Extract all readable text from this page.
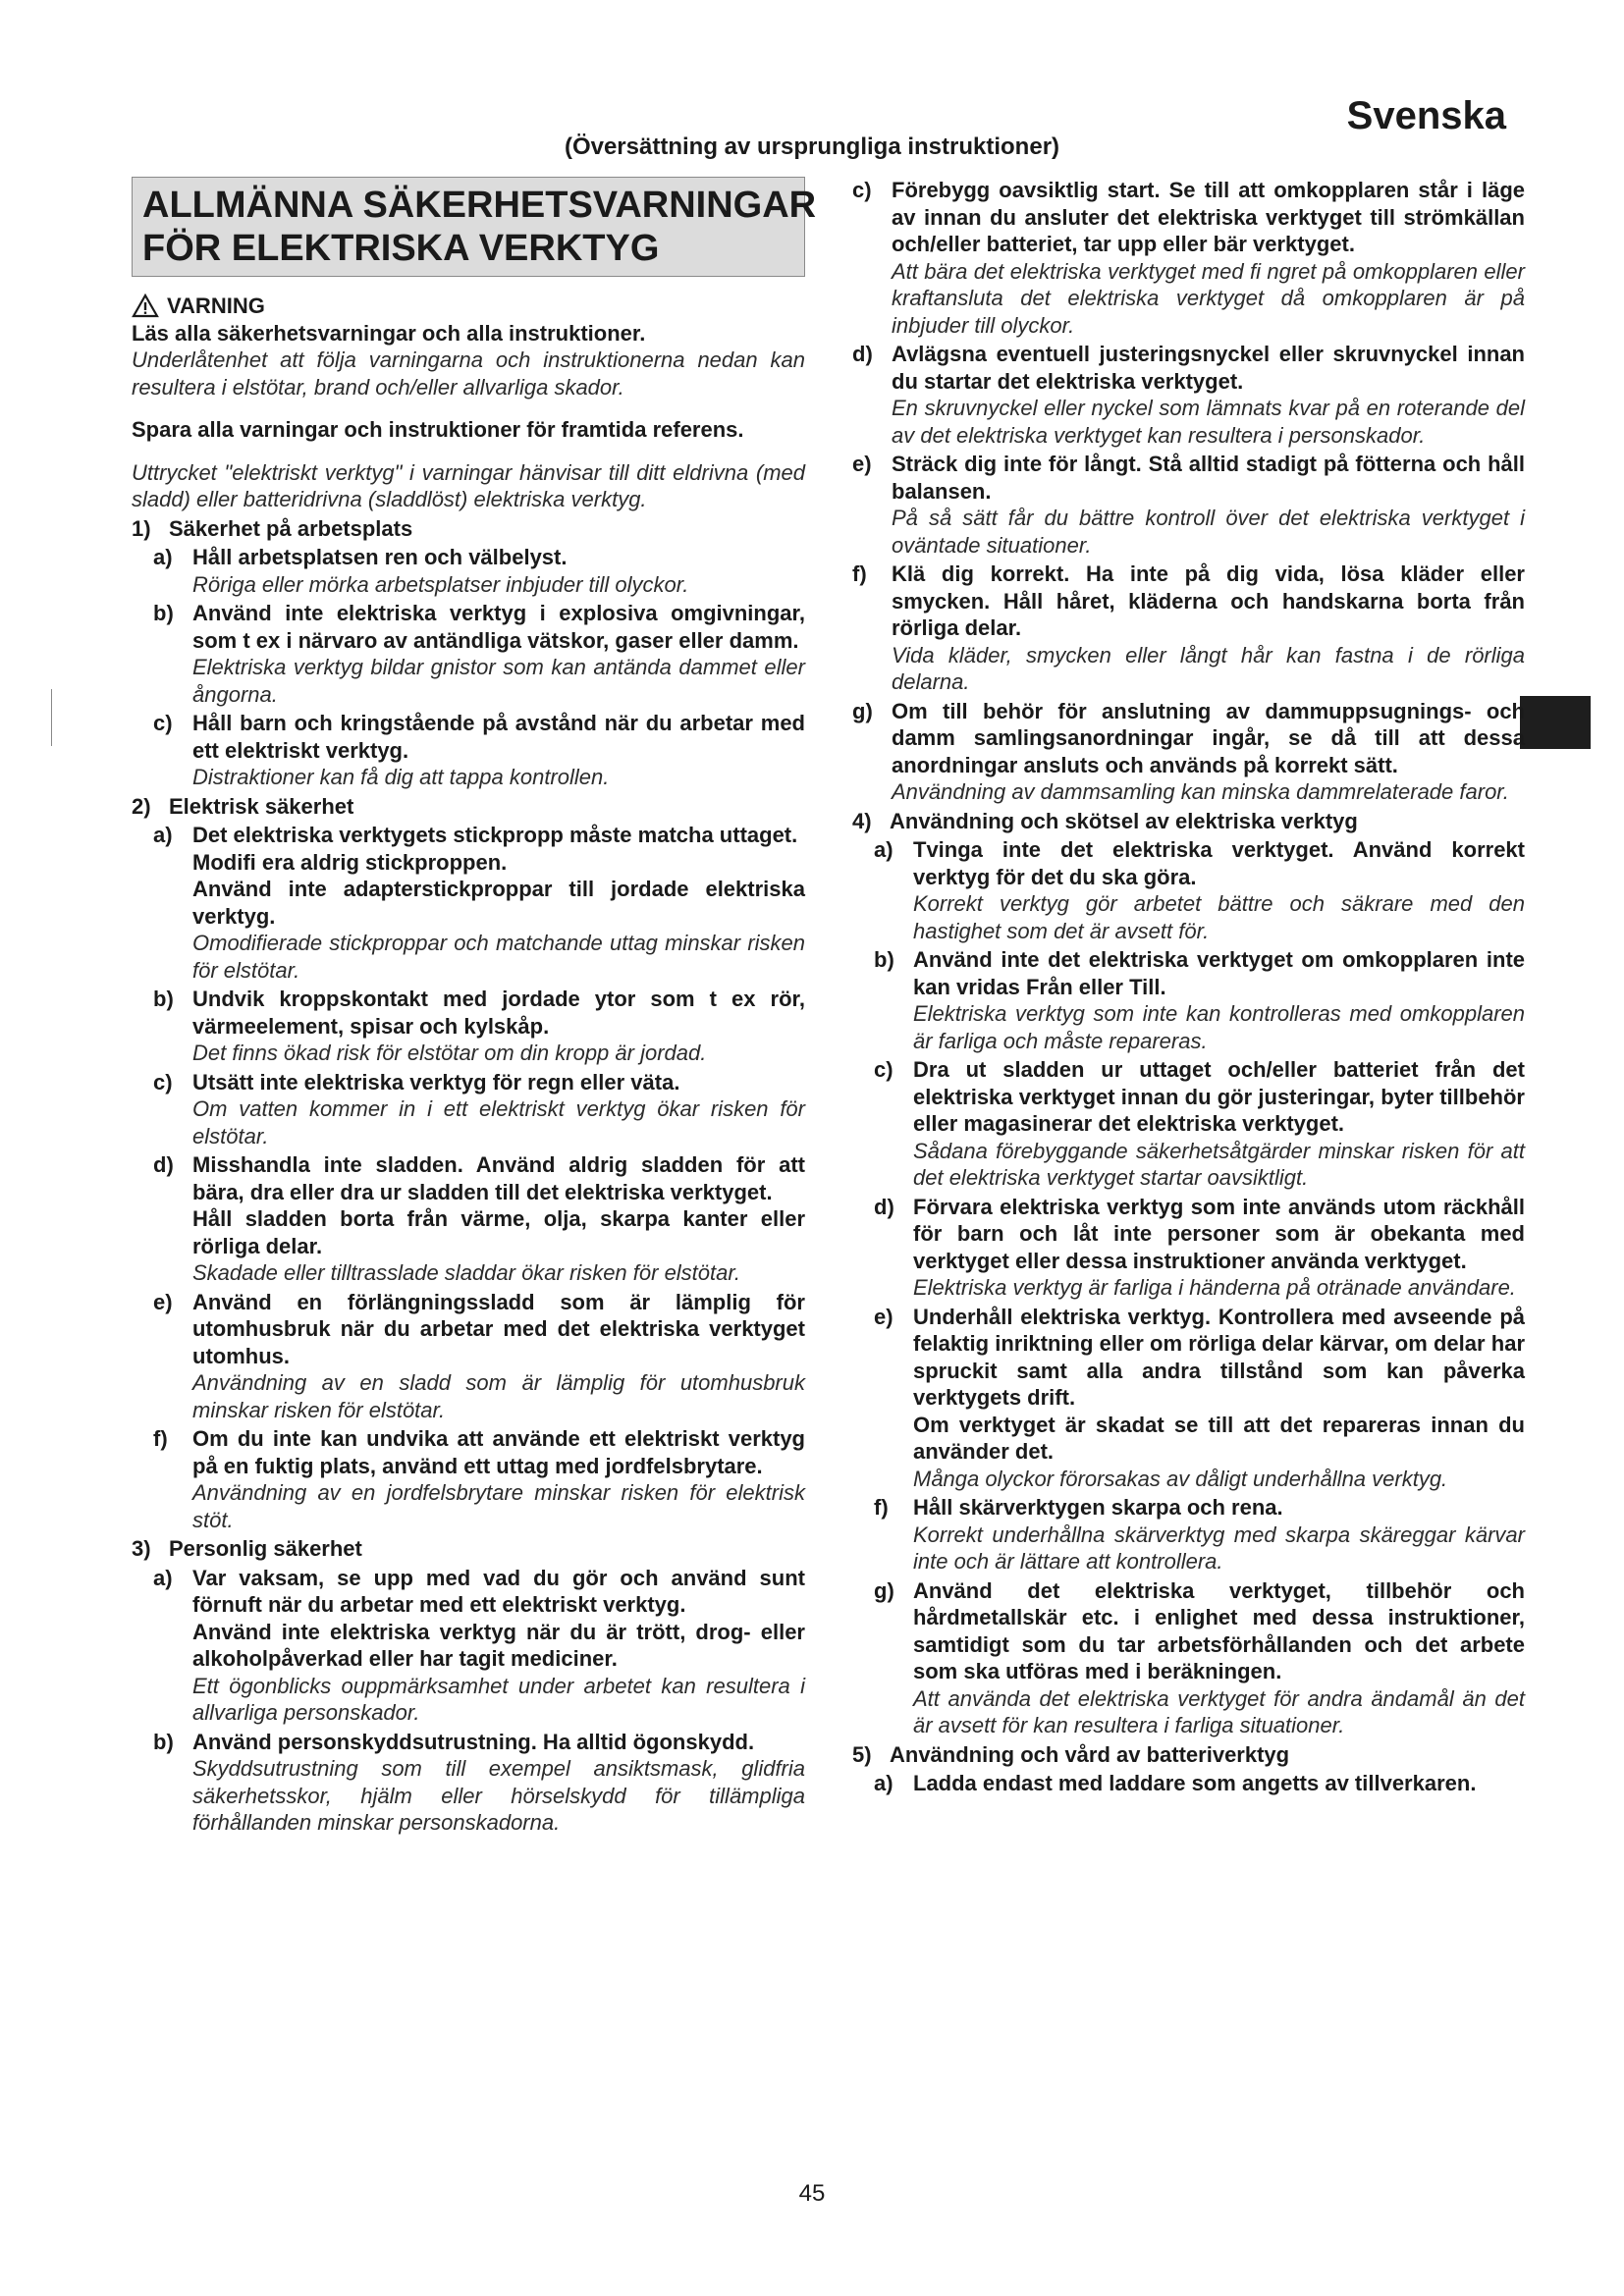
Svenska
(Översättning av ursprungliga instruktioner)
ALLMÄNNA SÄKERHETSVARNINGAR
FÖR ELEKTRISKA VERKTYG
VARNING
Läs alla säkerhetsvarningar och alla instruktioner.
Underlåtenhet att följa varningarna och instruktionerna nedan kan resultera i elstötar, brand och/eller allvarliga skador.
Spara alla varningar och instruktioner för framtida referens.
Uttrycket "elektriskt verktyg" i varningar hänvisar till ditt eldrivna (med sladd) eller batteridrivna (sladdlöst) elektriska verktyg.
1) Säkerhet på arbetsplats
a) Håll arbetsplatsen ren och välbelyst.
Röriga eller mörka arbetsplatser inbjuder till olyckor.
b) Använd inte elektriska verktyg i explosiva omgivningar, som t ex i närvaro av antändliga vätskor, gaser eller damm.
Elektriska verktyg bildar gnistor som kan antända dammet eller ångorna.
c) Håll barn och kringstående på avstånd när du arbetar med ett elektriskt verktyg.
Distraktioner kan få dig att tappa kontrollen.
2) Elektrisk säkerhet
a) Det elektriska verktygets stickpropp måste matcha uttaget.
Modifi era aldrig stickproppen.
Använd inte adapterstickproppar till jordade elektriska verktyg.
Omodifierade stickproppar och matchande uttag minskar risken för elstötar.
b) Undvik kroppskontakt med jordade ytor som t ex rör, värmeelement, spisar och kylskåp.
Det finns ökad risk för elstötar om din kropp är jordad.
c) Utsätt inte elektriska verktyg för regn eller väta.
Om vatten kommer in i ett elektriskt verktyg ökar risken för elstötar.
d) Misshandla inte sladden. Använd aldrig sladden för att bära, dra eller dra ur sladden till det elektriska verktyget.
Håll sladden borta från värme, olja, skarpa kanter eller rörliga delar.
Skadade eller tilltrasslade sladdar ökar risken för elstötar.
e) Använd en förlängningssladd som är lämplig för utomhusbruk när du arbetar med det elektriska verktyget utomhus.
Användning av en sladd som är lämplig för utomhusbruk minskar risken för elstötar.
f)	Om du inte kan undvika att använde ett elektriskt verktyg på en fuktig plats, använd ett uttag med jordfelsbrytare.
Användning av en jordfelsbrytare minskar risken för elektrisk stöt.
3) Personlig säkerhet
a) Var vaksam, se upp med vad du gör och använd sunt förnuft när du arbetar med ett elektriskt verktyg.
Använd inte elektriska verktyg när du är trött, drog- eller alkoholpåverkad eller har tagit mediciner.
Ett ögonblicks ouppmärksamhet under arbetet kan resultera i allvarliga personskador.
b) Använd personskyddsutrustning. Ha alltid ögonskydd.
Skyddsutrustning som till exempel ansiktsmask, glidfria säkerhetsskor, hjälm eller hörselskydd för tillämpliga förhållanden minskar personskadorna.
c) Förebygg oavsiktlig start. Se till att omkopplaren står i läge av innan du ansluter det elektriska verktyget till strömkällan och/eller batteriet, tar upp eller bär verktyget.
Att bära det elektriska verktyget med fi ngret på omkopplaren eller kraftansluta det elektriska verktyget då omkopplaren är på inbjuder till olyckor.
d) Avlägsna eventuell justeringsnyckel eller skruvnyckel innan du startar det elektriska verktyget.
En skruvnyckel eller nyckel som lämnats kvar på en roterande del av det elektriska verktyget kan resultera i personskador.
e) Sträck dig inte för långt. Stå alltid stadigt på fötterna och håll balansen.
På så sätt får du bättre kontroll över det elektriska verktyget i oväntade situationer.
f)	Klä dig korrekt. Ha inte på dig vida, lösa kläder eller smycken. Håll håret, kläderna och handskarna borta från rörliga delar.
Vida kläder, smycken eller långt hår kan fastna i de rörliga delarna.
g) Om till behör för anslutning av dammuppsugnings- och damm samlingsanordningar ingår, se då till att dessa anordningar ansluts och används på korrekt sätt.
Användning av dammsamling kan minska dammrelaterade faror.
4) Användning och skötsel av elektriska verktyg
a) Tvinga inte det elektriska verktyget. Använd korrekt verktyg för det du ska göra.
Korrekt verktyg gör arbetet bättre och säkrare med den hastighet som det är avsett för.
b) Använd inte det elektriska verktyget om omkopplaren inte kan vridas Från eller Till.
Elektriska verktyg som inte kan kontrolleras med omkopplaren är farliga och måste repareras.
c) Dra ut sladden ur uttaget och/eller batteriet från det elektriska verktyget innan du gör justeringar, byter tillbehör eller magasinerar det elektriska verktyget.
Sådana förebyggande säkerhetsåtgärder minskar risken för att det elektriska verktyget startar oavsiktligt.
d) Förvara elektriska verktyg som inte används utom räckhåll för barn och låt inte personer som är obekanta med verktyget eller dessa instruktioner använda verktyget.
Elektriska verktyg är farliga i händerna på otränade användare.
e) Underhåll elektriska verktyg. Kontrollera med avseende på felaktig inriktning eller om rörliga delar kärvar, om delar har spruckit samt alla andra tillstånd som kan påverka verktygets drift.
Om verktyget är skadat se till att det repareras innan du använder det.
Många olyckor förorsakas av dåligt underhållna verktyg.
f)	Håll skärverktygen skarpa och rena.
Korrekt underhållna skärverktyg med skarpa skäreggar kärvar inte och är lättare att kontrollera.
g) Använd det elektriska verktyget, tillbehör och hårdmetallskär etc. i enlighet med dessa instruktioner, samtidigt som du tar arbetsförhållanden och det arbete som ska utföras med i beräkningen.
Att använda det elektriska verktyget för andra ändamål än det är avsett för kan resultera i farliga situationer.
5) Användning och vård av batteriverktyg
a) Ladda endast med laddare som angetts av tillverkaren.
45
